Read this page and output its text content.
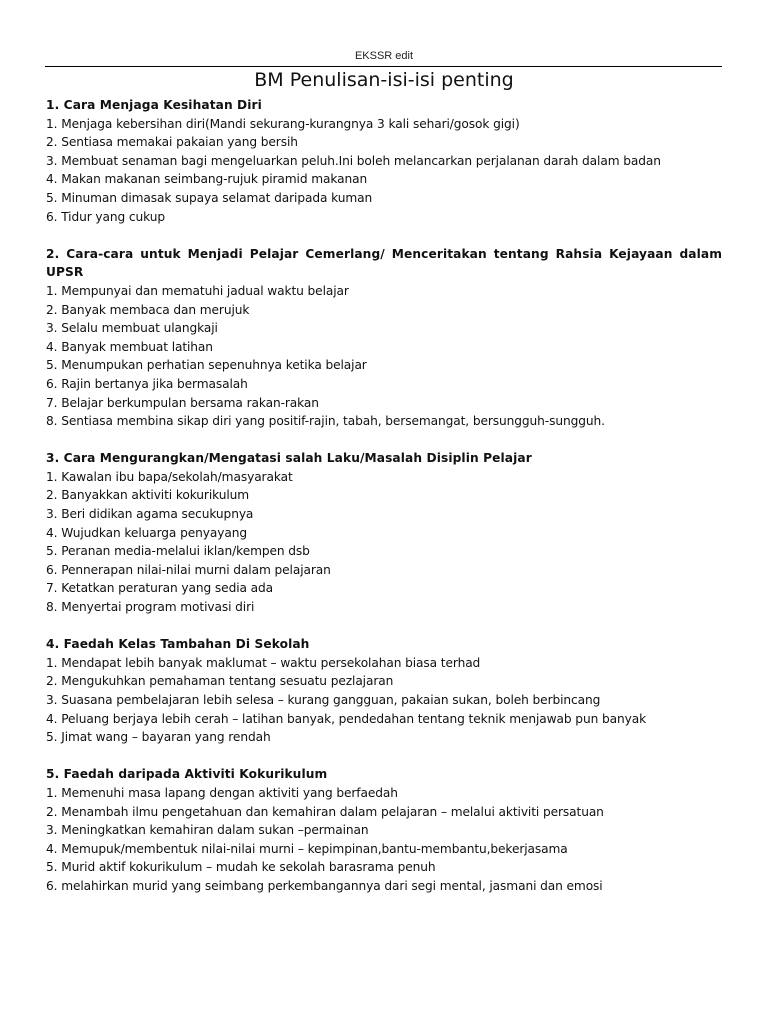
EKSSR edit
BM Penulisan-isi-isi penting
1. Cara Menjaga Kesihatan Diri
1. Menjaga kebersihan diri(Mandi sekurang-kurangnya 3 kali sehari/gosok gigi)
2. Sentiasa memakai pakaian yang bersih
3. Membuat senaman bagi mengeluarkan peluh.Ini boleh melancarkan perjalanan darah dalam badan
4. Makan makanan seimbang-rujuk piramid makanan
5. Minuman dimasak supaya selamat daripada kuman
6. Tidur yang cukup
2. Cara-cara untuk Menjadi Pelajar Cemerlang/ Menceritakan tentang Rahsia Kejayaan dalam UPSR
1. Mempunyai dan mematuhi jadual waktu belajar
2. Banyak membaca dan merujuk
3. Selalu membuat ulangkaji
4. Banyak membuat latihan
5. Menumpukan perhatian sepenuhnya ketika belajar
6. Rajin bertanya jika bermasalah
7. Belajar berkumpulan bersama rakan-rakan
8. Sentiasa membina sikap diri yang positif-rajin, tabah, bersemangat, bersungguh-sungguh.
3. Cara Mengurangkan/Mengatasi salah Laku/Masalah Disiplin Pelajar
1. Kawalan ibu bapa/sekolah/masyarakat
2. Banyakkan aktiviti kokurikulum
3. Beri didikan agama secukupnya
4. Wujudkan keluarga penyayang
5. Peranan media-melalui iklan/kempen dsb
6. Pennerapan nilai-nilai murni dalam pelajaran
7. Ketatkan peraturan yang sedia ada
8. Menyertai program motivasi diri
4. Faedah Kelas Tambahan Di Sekolah
1. Mendapat lebih banyak maklumat – waktu persekolahan biasa terhad
2. Mengukuhkan pemahaman tentang sesuatu pezlajaran
3. Suasana pembelajaran lebih selesa – kurang gangguan, pakaian sukan, boleh berbincang
4. Peluang berjaya lebih cerah – latihan banyak, pendedahan tentang teknik menjawab pun banyak
5. Jimat wang – bayaran yang rendah
5. Faedah daripada Aktiviti Kokurikulum
1. Memenuhi masa lapang dengan aktiviti yang berfaedah
2. Menambah ilmu pengetahuan dan kemahiran dalam pelajaran – melalui aktiviti persatuan
3. Meningkatkan kemahiran dalam sukan –permainan
4. Memupuk/membentuk nilai-nilai murni – kepimpinan,bantu-membantu,bekerjasama
5. Murid aktif kokurikulum – mudah ke sekolah barasrama penuh
6. melahirkan murid yang seimbang perkembangannya dari segi mental, jasmani dan emosi
